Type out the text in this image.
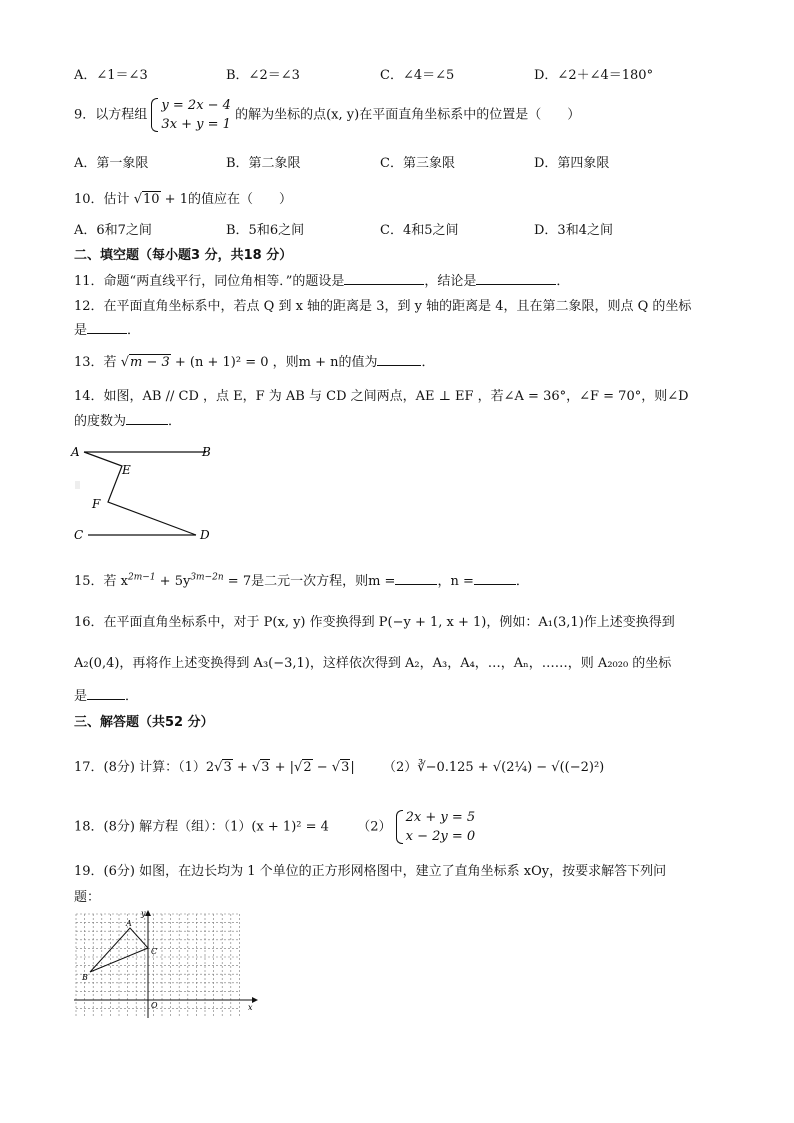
A．∠1＝∠3	B．∠2＝∠3	C．∠4＝∠5	D．∠2＋∠4＝180°
9．以方程组 y = 2x − 4
3x + y = 1 的解为坐标的点(x, y)在平面直角坐标系中的位置是（　　）
A．第一象限	B．第二象限	C．第三象限	D．第四象限
10．估计 √10 + 1的值应在（　　）
A．6和7之间	B．5和6之间	C．4和5之间	D．3和4之间
二、填空题（每小题3 分，共18 分）
11．命题“两直线平行，同位角相等．”的题设是	，结论是	．
12．在平面直角坐标系中，若点 Q 到 x 轴的距离是 3，到 y 轴的距离是 4，且在第二象限，则点 Q 的坐标
是	．
13．若 √m − 3 + (n + 1)² = 0 ，则m + n的值为	．
14．如图，AB // CD ，点 E，F 为 AB 与 CD 之间两点，AE ⊥ EF ，若∠A = 36°，∠F = 70°，则∠D
的度数为	．
A	B
E
F
C	D
15．若 $x^{2m-1} + 5y^{3m-2n} = 7$是二元一次方程，则m =	，n =	．
16．在平面直角坐标系中，对于 P(x, y) 作变换得到 P(−y + 1, x + 1)，例如：A₁(3,1)作上述变换得到
A₂(0,4)，再将作上述变换得到 A₃(−3,1)，这样依次得到 A₂，A₃，A₄，…，Aₙ，……，则 A₂₀₂₀ 的坐标
是	．
三、解答题（共52 分）
17．(8分) 计算：（1）2√3 + √3 + |√2 − √3| （2）∛−0.125 + √(2¼) − √((−2)²)
18．(8分) 解方程（组）：（1）(x + 1)² = 4 （2） 2x + y = 5
x − 2y = 0
19．(6分) 如图，在边长均为 1 个单位的正方形网格图中，建立了直角坐标系 xOy，按要求解答下列问
题：
A
B
C
O	x
y
